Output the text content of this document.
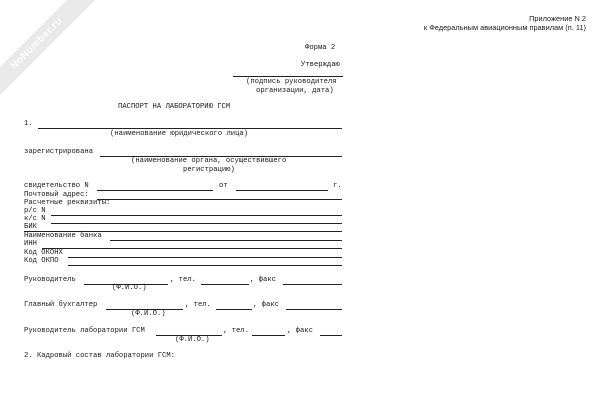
NoNumber.ru	Приложение N 2
к Федеральным авиационным правилам (п. 11)
Форма 2
Утверждаю
(подпись руководителя
организации, дата)
ПАСПОРТ НА ЛАБОРАТОРИЮ ГСМ
1.
(наименование юридического лица)
зарегистрирована
(наименование органа, осуществившего
регистрацию)
свидетельство N	от	г.
Почтовый адрес:
Расчетные реквизиты:
р/с N
к/с N
БИК
Наименование банка
ИНН
Код ОКОНХ
Код ОКПО
Руководитель	, тел.	, факс
(Ф.И.О.)
Главный бухгалтер	, тел.	, факс
(Ф.И.О.)
Руководитель лаборатории ГСМ	, тел.	, факс
(Ф.И.О.)
2. Кадровый состав лаборатории ГСМ:
